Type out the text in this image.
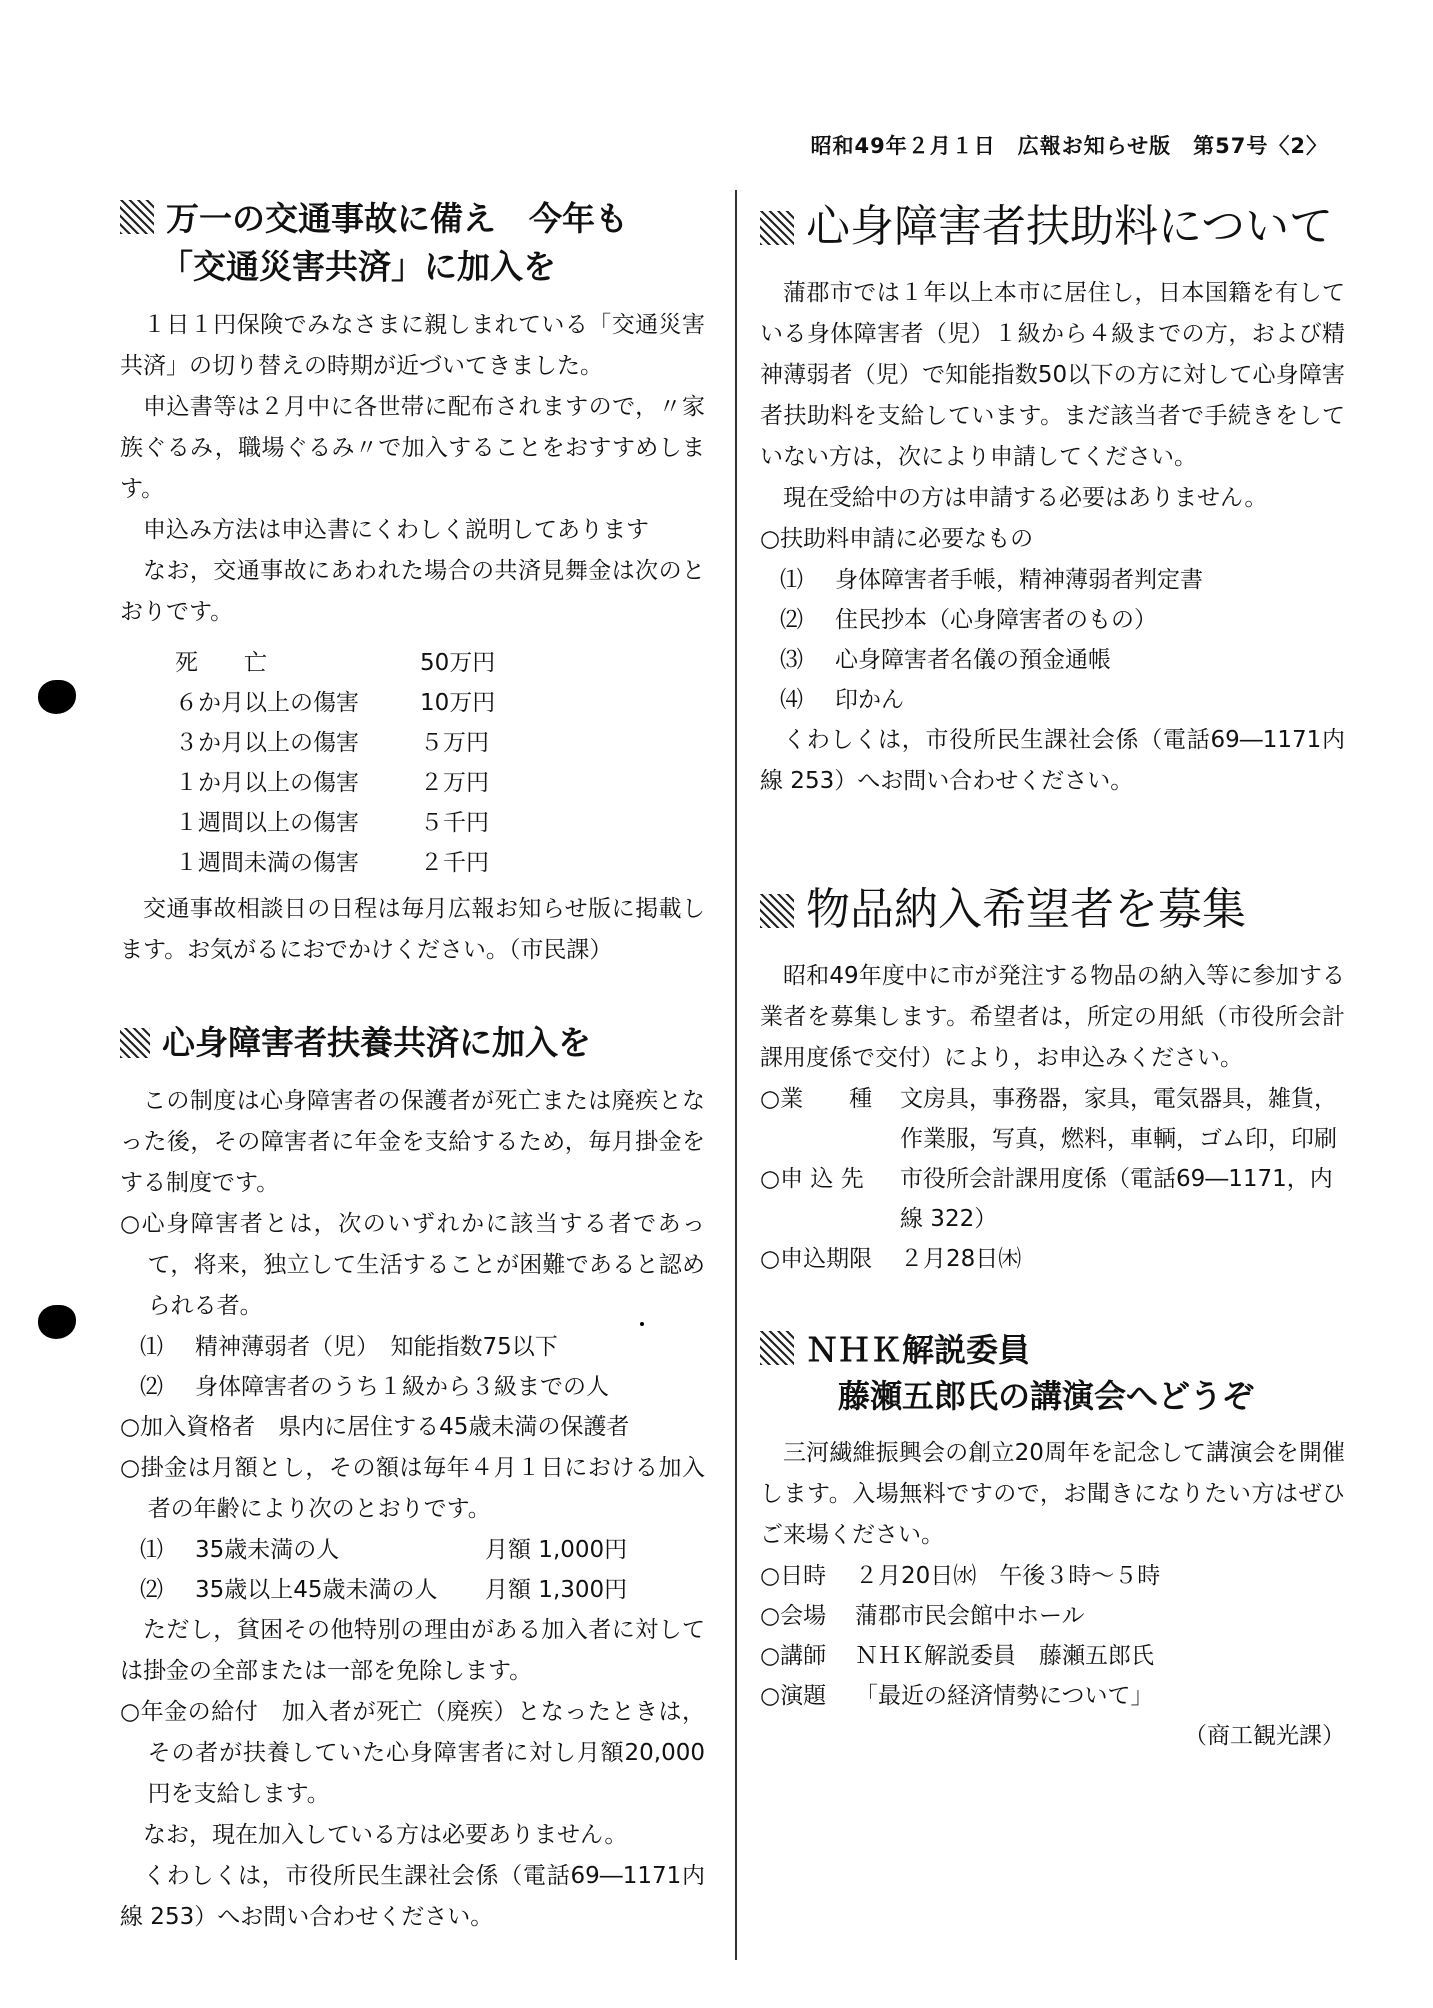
昭和49年２月１日　広報お知らせ版　第57号〈2〉
万一の交通事故に備え　今年も
「交通災害共済」に加入を

１日１円保険でみなさまに親しまれている「交通災害共済」の切り替えの時期が近づいてきました。

申込書等は２月中に各世帯に配布されますので，〃家族ぐるみ，職場ぐるみ〃で加入することをおすすめします。

申込み方法は申込書にくわしく説明してあります

なお，交通事故にあわれた場合の共済見舞金は次のとおりです。

死　　亡	50万円
６か月以上の傷害	10万円
３か月以上の傷害	５万円
１か月以上の傷害	２万円
１週間以上の傷害	５千円
１週間未満の傷害	２千円

交通事故相談日の日程は毎月広報お知らせ版に掲載します。お気がるにおでかけください。（市民課）

心身障害者扶養共済に加入を

この制度は心身障害者の保護者が死亡または廃疾となった後，その障害者に年金を支給するため，毎月掛金をする制度です。

○心身障害者とは，次のいずれかに該当する者であって，将来，独立して生活することが困難であると認められる者。

⑴	精神薄弱者（児）　知能指数75以下
⑵	身体障害者のうち１級から３級までの人

○加入資格者　県内に居住する45歳未満の保護者

○掛金は月額とし，その額は毎年４月１日における加入者の年齢により次のとおりです。

⑴	35歳未満の人	月額 1,000円
⑵	35歳以上45歳未満の人	月額 1,300円

ただし，貧困その他特別の理由がある加入者に対しては掛金の全部または一部を免除します。

○年金の給付　加入者が死亡（廃疾）となったときは，その者が扶養していた心身障害者に対し月額20,000円を支給します。

なお，現在加入している方は必要ありません。

くわしくは，市役所民生課社会係（電話69―1171内線 253）へお問い合わせください。

心身障害者扶助料について

蒲郡市では１年以上本市に居住し，日本国籍を有している身体障害者（児）１級から４級までの方，および精神薄弱者（児）で知能指数50以下の方に対して心身障害者扶助料を支給しています。まだ該当者で手続きをしていない方は，次により申請してください。

現在受給中の方は申請する必要はありません。

○扶助料申請に必要なもの

⑴	身体障害者手帳，精神薄弱者判定書
⑵	住民抄本（心身障害者のもの）
⑶	心身障害者名儀の預金通帳
⑷	印かん

くわしくは，市役所民生課社会係（電話69―1171内線 253）へお問い合わせください。

物品納入希望者を募集

昭和49年度中に市が発注する物品の納入等に参加する業者を募集します。希望者は，所定の用紙（市役所会計課用度係で交付）により，お申込みください。

○業　　種	文房具，事務器，家具，電気器具，雑貨，作業服，写真，燃料，車輌，ゴム印，印刷
○申 込 先	市役所会計課用度係（電話69―1171，内線 322）
○申込期限	２月28日㈭
ＮＨＫ解説委員
藤瀬五郎氏の講演会へどうぞ

三河繊維振興会の創立20周年を記念して講演会を開催します。入場無料ですので，お聞きになりたい方はぜひご来場ください。

○日時	２月20日㈬　午後３時～５時
○会場	蒲郡市民会館中ホール
○講師	ＮＨＫ解説委員　藤瀬五郎氏
○演題	「最近の経済情勢について」
（商工観光課）
